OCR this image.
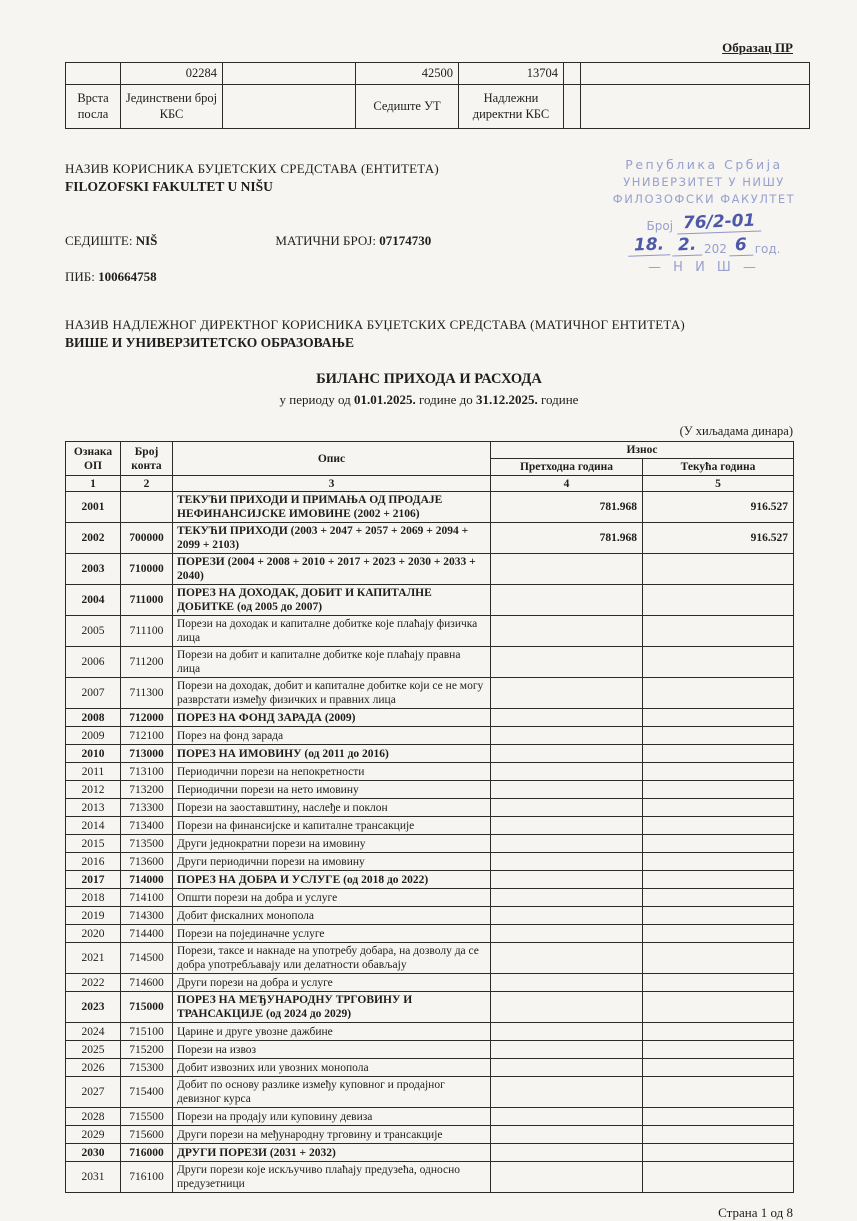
Образац ПР
	02284		42500	13704		
Врста посла	Јединствени број КБС		Седиште УТ	Надлежни директни КБС		
НАЗИВ КОРИСНИКА БУЏЕТСКИХ СРЕДСТАВА (ЕНТИТЕТА)
FILOZOFSKI FAKULTET U NIŠU
Република Србија
УНИВЕРЗИТЕТ У НИШУ
ФИЛОЗОФСКИ ФАКУЛТЕТ
Број 76/2-01
18. 2. 202 6 год.
— Н И Ш —
СЕДИШТЕ: NIŠ	МАТИЧНИ БРОЈ: 07174730
ПИБ: 100664758
НАЗИВ НАДЛЕЖНОГ ДИРЕКТНОГ КОРИСНИКА БУЏЕТСКИХ СРЕДСТАВА (МАТИЧНОГ ЕНТИТЕТА)
ВИШЕ И УНИВЕРЗИТЕТСКО ОБРАЗОВАЊЕ
БИЛАНС ПРИХОДА И РАСХОДА
у периоду од 01.01.2025. године до 31.12.2025. године
(У хиљадама динара)
Ознака ОП	Број конта	Опис	Износ	
			Претходна година	Текућа година
1	2	3	4	5
2001		ТЕКУЋИ ПРИХОДИ И ПРИМАЊА ОД ПРОДАЈЕ НЕФИНАНСИЈСКЕ ИМОВИНЕ (2002 + 2106)	781.968	916.527
2002	700000	ТЕКУЋИ ПРИХОДИ (2003 + 2047 + 2057 + 2069 + 2094 + 2099 + 2103)	781.968	916.527
2003	710000	ПОРЕЗИ (2004 + 2008 + 2010 + 2017 + 2023 + 2030 + 2033 + 2040)		
2004	711000	ПОРЕЗ НА ДОХОДАК, ДОБИТ И КАПИТАЛНЕ ДОБИТКЕ (од 2005 до 2007)		
2005	711100	Порези на доходак и капиталне добитке које плаћају физичка лица		
2006	711200	Порези на добит и капиталне добитке које плаћају правна лица		
2007	711300	Порези на доходак, добит и капиталне добитке који се не могу разврстати између физичких и правних лица		
2008	712000	ПОРЕЗ НА ФОНД ЗАРАДА (2009)		
2009	712100	Порез на фонд зарада		
2010	713000	ПОРЕЗ НА ИМОВИНУ (од 2011 до 2016)		
2011	713100	Периодични порези на непокретности		
2012	713200	Периодични порези на нето имовину		
2013	713300	Порези на заоставштину, наслеђе и поклон		
2014	713400	Порези на финансијске и капиталне трансакције		
2015	713500	Други једнократни порези на имовину		
2016	713600	Други периодични порези на имовину		
2017	714000	ПОРЕЗ НА ДОБРА И УСЛУГЕ (од 2018 до 2022)		
2018	714100	Општи порези на добра и услуге		
2019	714300	Добит фискалних монопола		
2020	714400	Порези на појединачне услуге		
2021	714500	Порези, таксе и накнаде на употребу добара, на дозволу да се добра употребљавају или делатности обављају		
2022	714600	Други порези на добра и услуге		
2023	715000	ПОРЕЗ НА МЕЂУНАРОДНУ ТРГОВИНУ И ТРАНСАКЦИЈЕ (од 2024 до 2029)		
2024	715100	Царине и друге увозне дажбине		
2025	715200	Порези на извоз		
2026	715300	Добит извозних или увозних монопола		
2027	715400	Добит по основу разлике између куповног и продајног девизног курса		
2028	715500	Порези на продају или куповину девиза		
2029	715600	Други порези на међународну трговину и трансакције		
2030	716000	ДРУГИ ПОРЕЗИ (2031 + 2032)		
2031	716100	Други порези које искључиво плаћају предузећа, односно предузетници		
Страна 1 од 8
